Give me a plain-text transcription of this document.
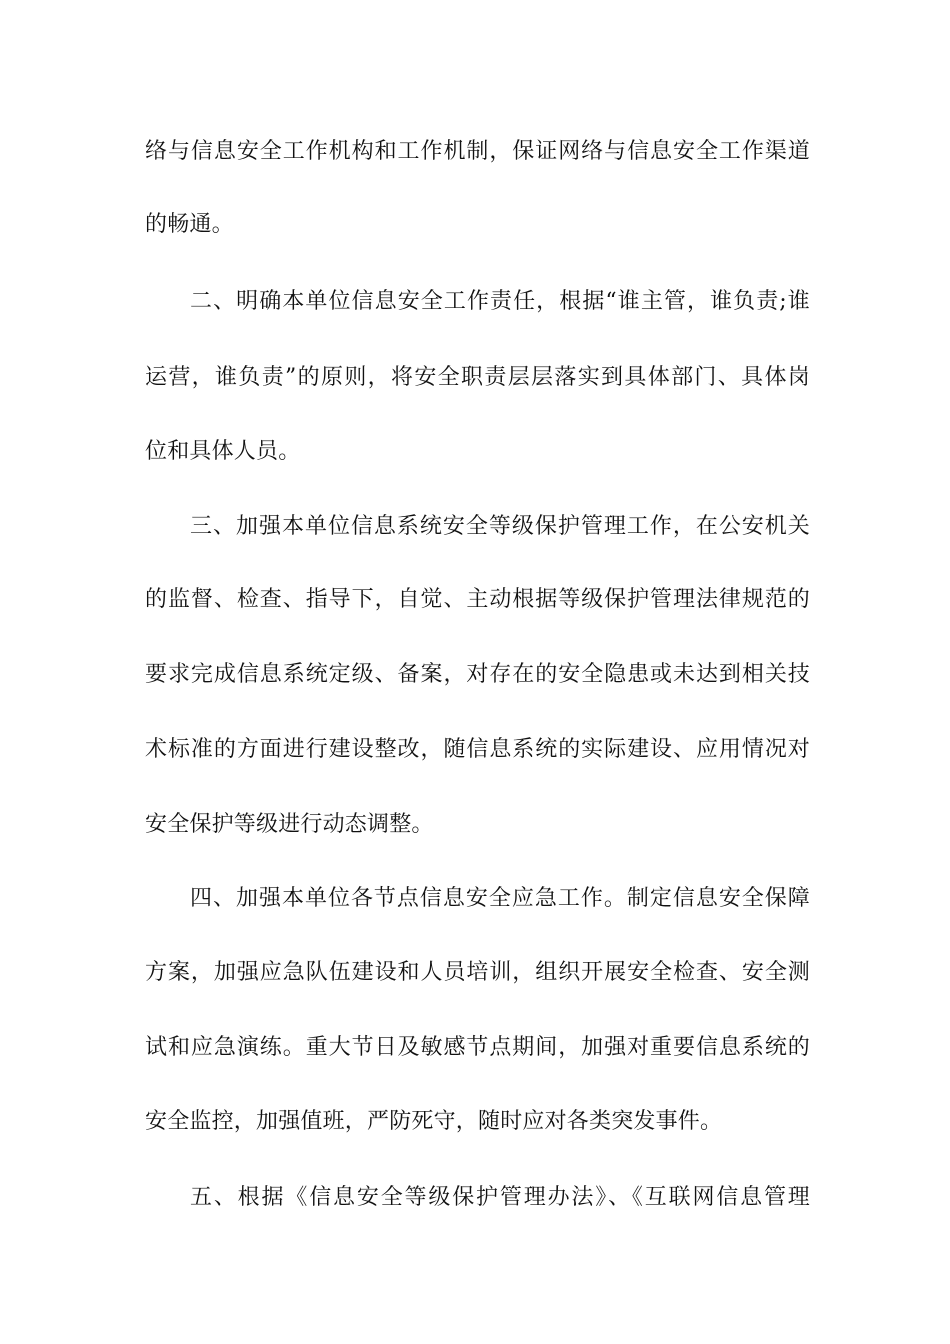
络与信息安全工作机构和工作机制，保证网络与信息安全工作渠道
的畅通。
二、明确本单位信息安全工作责任，根据“谁主管，谁负责;谁
运营，谁负责”的原则，将安全职责层层落实到具体部门、具体岗
位和具体人员。
三、加强本单位信息系统安全等级保护管理工作，在公安机关
的监督、检查、指导下，自觉、主动根据等级保护管理法律规范的
要求完成信息系统定级、备案，对存在的安全隐患或未达到相关技
术标准的方面进行建设整改，随信息系统的实际建设、应用情况对
安全保护等级进行动态调整。
四、加强本单位各节点信息安全应急工作。制定信息安全保障
方案，加强应急队伍建设和人员培训，组织开展安全检查、安全测
试和应急演练。重大节日及敏感节点期间，加强对重要信息系统的
安全监控，加强值班，严防死守，随时应对各类突发事件。
五、根据《信息安全等级保护管理办法》、《互联网信息管理
